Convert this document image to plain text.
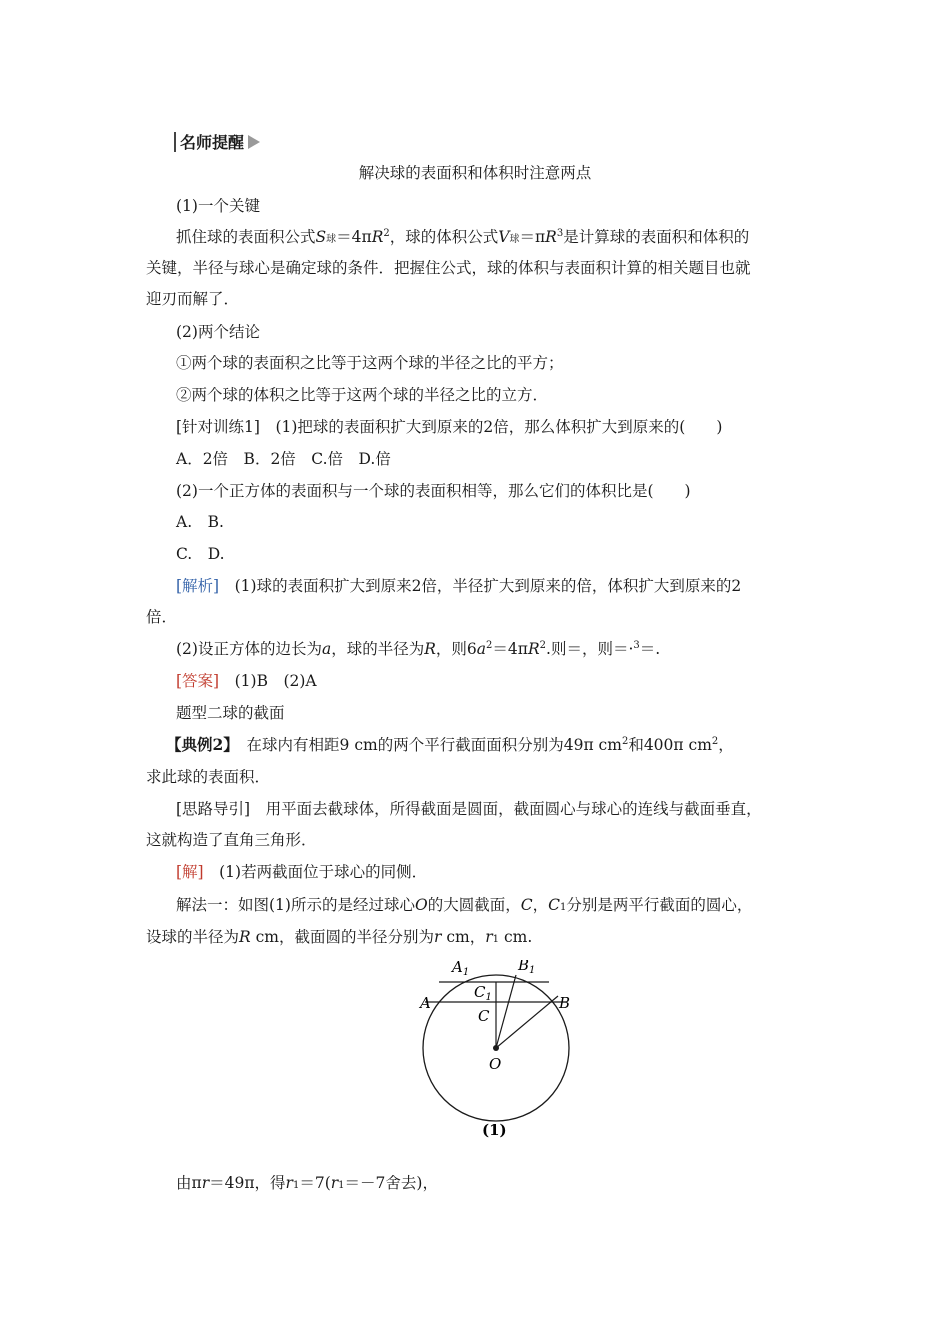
名师提醒
解决球的表面积和体积时注意两点
(1)一个关键
抓住球的表面积公式S球$=4\pi R^2$，球的体积公式V球$=\pi R^3$是计算球的表面积和体积的
关键，半径与球心是确定球的条件．把握住公式，球的体积与表面积计算的相关题目也就
迎刃而解了．
(2)两个结论
①两个球的表面积之比等于这两个球的半径之比的平方；
②两个球的体积之比等于这两个球的半径之比的立方．
[针对训练1]　(1)把球的表面积扩大到原来的2倍，那么体积扩大到原来的(　　)
A．2倍　B．2倍　C.倍　D.倍
(2)一个正方体的表面积与一个球的表面积相等，那么它们的体积比是(　　)
A.　B.
C.　D.
[解析]　(1)球的表面积扩大到原来2倍，半径扩大到原来的倍，体积扩大到原来的2
倍．
(2)设正方体的边长为a，球的半径为R，则$6a^2=4\pi R^2$.则＝，则＝·$^3$＝.
[答案]　(1)B　(2)A
题型二球的截面
【典例2】　在球内有相距9 cm的两个平行截面面积分别为49π $cm^2$和400π $cm^2$，
求此球的表面积．
[思路导引]　用平面去截球体，所得截面是圆面，截面圆心与球心的连线与截面垂直，
这就构造了直角三角形．
[解]　(1)若两截面位于球心的同侧．
解法一：如图(1)所示的是经过球心O的大圆截面，C，C1分别是两平行截面的圆心，
设球的半径为R cm，截面圆的半径分别为r cm，r1 cm.
$A_1$	$B_1$
$C_1$
A	B
C
O
(1)
由πr＝49π，得r1＝7(r1＝－7舍去)，
